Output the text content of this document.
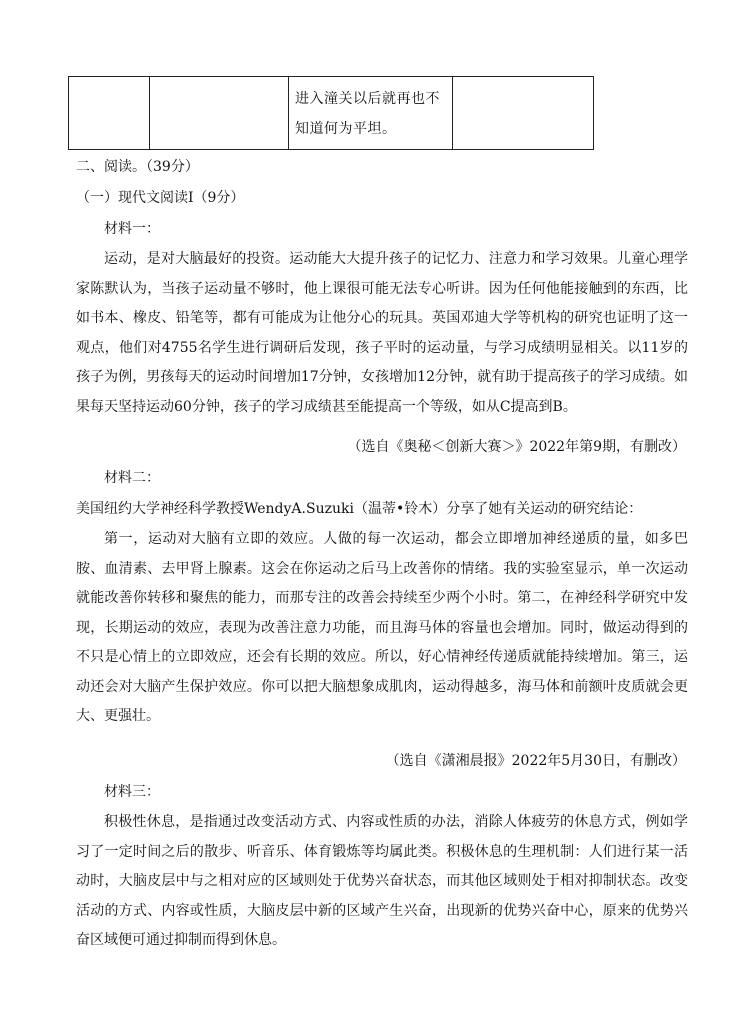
进入潼关以后就再也不
知道何为平坦。

二、阅读。（39分）
（一）现代文阅读Ⅰ（9分）
材料一：
运动，是对大脑最好的投资。运动能大大提升孩子的记忆力、注意力和学习效果。儿童心理学家陈默认为，当孩子运动量不够时，他上课很可能无法专心听讲。因为任何他能接触到的东西，比如书本、橡皮、铅笔等，都有可能成为让他分心的玩具。英国邓迪大学等机构的研究也证明了这一观点，他们对4755名学生进行调研后发现，孩子平时的运动量，与学习成绩明显相关。以11岁的孩子为例，男孩每天的运动时间增加17分钟，女孩增加12分钟，就有助于提高孩子的学习成绩。如果每天坚持运动60分钟，孩子的学习成绩甚至能提高一个等级，如从C提高到B。
（选自《奥秘＜创新大赛＞》2022年第9期，有删改）
材料二：
美国纽约大学神经科学教授WendyA.Suzuki（温蒂•铃木）分享了她有关运动的研究结论：
第一，运动对大脑有立即的效应。人做的每一次运动，都会立即增加神经递质的量，如多巴胺、血清素、去甲肾上腺素。这会在你运动之后马上改善你的情绪。我的实验室显示，单一次运动就能改善你转移和聚焦的能力，而那专注的改善会持续至少两个小时。第二，在神经科学研究中发现，长期运动的效应，表现为改善注意力功能，而且海马体的容量也会增加。同时，做运动得到的不只是心情上的立即效应，还会有长期的效应。所以，好心情神经传递质就能持续增加。第三，运动还会对大脑产生保护效应。你可以把大脑想象成肌肉，运动得越多，海马体和前额叶皮质就会更大、更强壮。
（选自《潇湘晨报》2022年5月30日，有删改）
材料三：
积极性休息，是指通过改变活动方式、内容或性质的办法，消除人体疲劳的休息方式，例如学习了一定时间之后的散步、听音乐、体育锻炼等均属此类。积极休息的生理机制：人们进行某一活动时，大脑皮层中与之相对应的区域则处于优势兴奋状态，而其他区域则处于相对抑制状态。改变活动的方式、内容或性质，大脑皮层中新的区域产生兴奋，出现新的优势兴奋中心，原来的优势兴奋区域便可通过抑制而得到休息。
